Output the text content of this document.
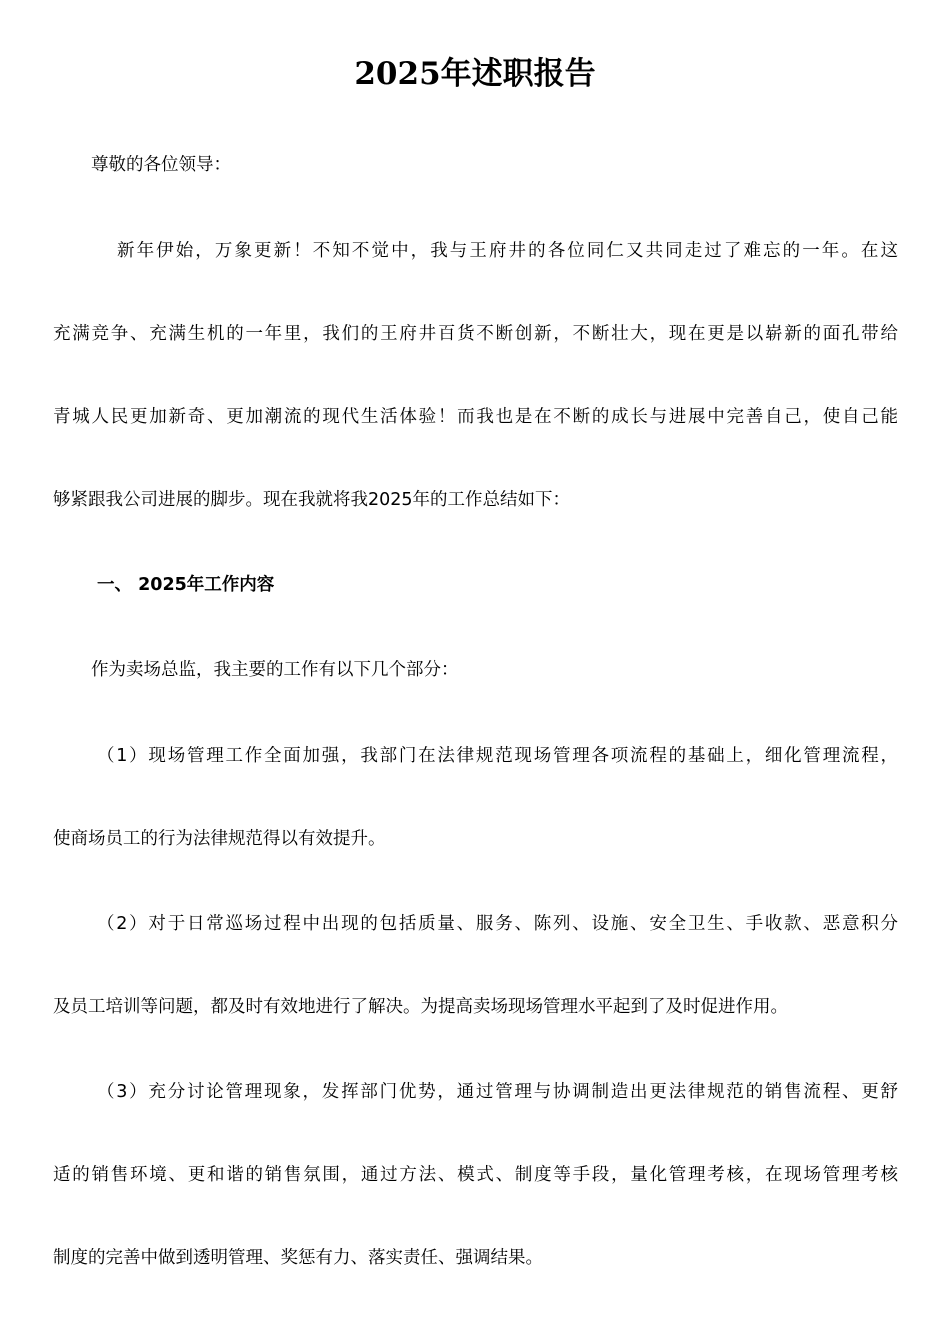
2025年述职报告

尊敬的各位领导：

新年伊始，万象更新！不知不觉中，我与王府井的各位同仁又共同走过了难忘的一年。在这

充满竞争、充满生机的一年里，我们的王府井百货不断创新，不断壮大，现在更是以崭新的面孔带给

青城人民更加新奇、更加潮流的现代生活体验！而我也是在不断的成长与进展中完善自己，使自己能

够紧跟我公司进展的脚步。现在我就将我2025年的工作总结如下：

一、 2025年工作内容

作为卖场总监，我主要的工作有以下几个部分：

（1）现场管理工作全面加强，我部门在法律规范现场管理各项流程的基础上，细化管理流程，

使商场员工的行为法律规范得以有效提升。

（2）对于日常巡场过程中出现的包括质量、服务、陈列、设施、安全卫生、手收款、恶意积分

及员工培训等问题，都及时有效地进行了解决。为提高卖场现场管理水平起到了及时促进作用。

（3）充分讨论管理现象，发挥部门优势，通过管理与协调制造出更法律规范的销售流程、更舒

适的销售环境、更和谐的销售氛围，通过方法、模式、制度等手段，量化管理考核，在现场管理考核

制度的完善中做到透明管理、奖惩有力、落实责任、强调结果。
